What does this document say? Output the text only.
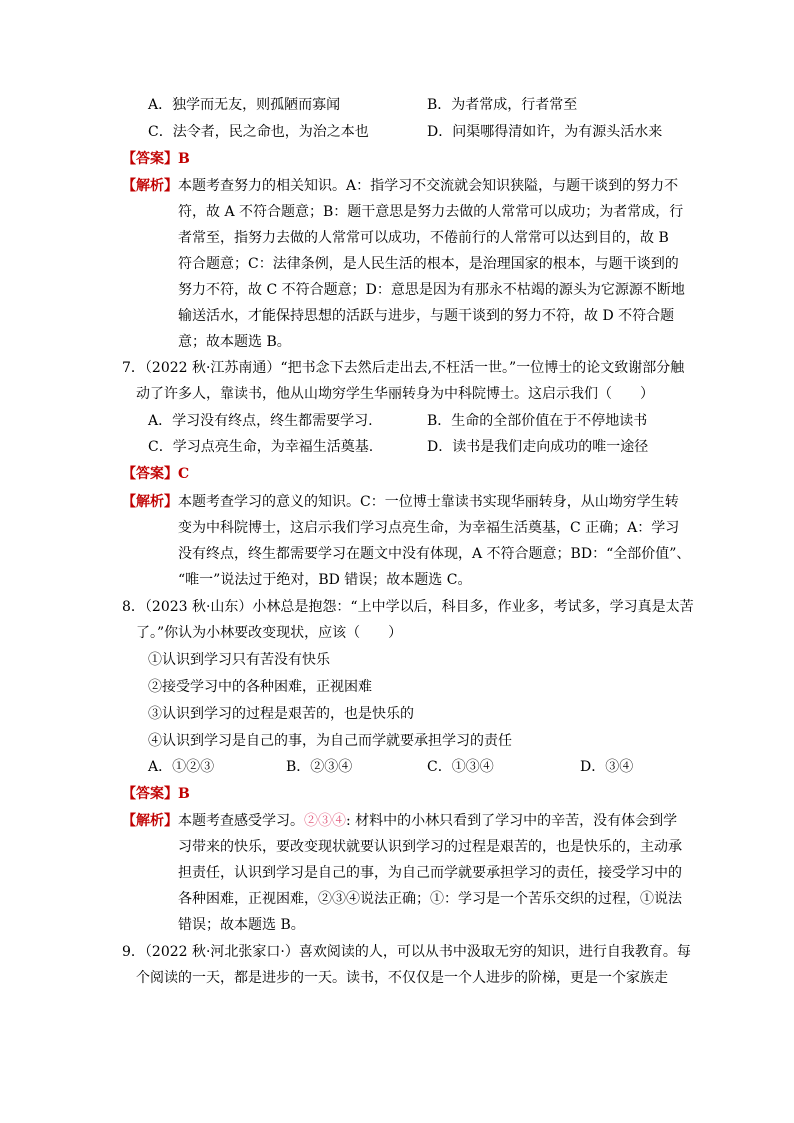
A．独学而无友，则孤陋而寡闻	B．为者常成，行者常至
C．法令者，民之命也，为治之本也	D．问渠哪得清如许，为有源头活水来
【答案】B
【解析】本题考查努力的相关知识。A：指学习不交流就会知识狭隘，与题干谈到的努力不
符，故 A 不符合题意；B：题干意思是努力去做的人常常可以成功；为者常成，行
者常至，指努力去做的人常常可以成功，不倦前行的人常常可以达到目的，故 B
符合题意；C：法律条例，是人民生活的根本，是治理国家的根本，与题干谈到的
努力不符，故 C 不符合题意；D：意思是因为有那永不枯竭的源头为它源源不断地
输送活水，才能保持思想的活跃与进步，与题干谈到的努力不符，故 D 不符合题
意；故本题选 B。
7．（2022 秋·江苏南通）“把书念下去然后走出去,不枉活一世。”一位博士的论文致谢部分触
动了许多人，靠读书，他从山坳穷学生华丽转身为中科院博士。这启示我们（　　）
A．学习没有终点，终生都需要学习.	B．生命的全部价值在于不停地读书
C．学习点亮生命，为幸福生活奠基.	D．读书是我们走向成功的唯一途径
【答案】C
【解析】本题考查学习的意义的知识。C：一位博士靠读书实现华丽转身，从山坳穷学生转
变为中科院博士，这启示我们学习点亮生命，为幸福生活奠基，C 正确；A：学习
没有终点，终生都需要学习在题文中没有体现，A 不符合题意；BD：“全部价值”、
“唯一”说法过于绝对，BD 错误；故本题选 C。
8．（2023 秋·山东）小林总是抱怨：“上中学以后，科目多，作业多，考试多，学习真是太苦
了。”你认为小林要改变现状，应该（　　）
①认识到学习只有苦没有快乐
②接受学习中的各种困难，正视困难
③认识到学习的过程是艰苦的，也是快乐的
④认识到学习是自己的事，为自己而学就要承担学习的责任
A．①②③	B．②③④	C．①③④	D．③④
【答案】B
【解析】本题考查感受学习。②③④: 材料中的小林只看到了学习中的辛苦，没有体会到学
习带来的快乐，要改变现状就要认识到学习的过程是艰苦的，也是快乐的，主动承
担责任，认识到学习是自己的事，为自己而学就要承担学习的责任，接受学习中的
各种困难，正视困难，②③④说法正确；①：学习是一个苦乐交织的过程，①说法
错误；故本题选 B。
9．（2022 秋·河北张家口·）喜欢阅读的人，可以从书中汲取无穷的知识，进行自我教育。每
个阅读的一天，都是进步的一天。读书，不仅仅是一个人进步的阶梯，更是一个家族走
